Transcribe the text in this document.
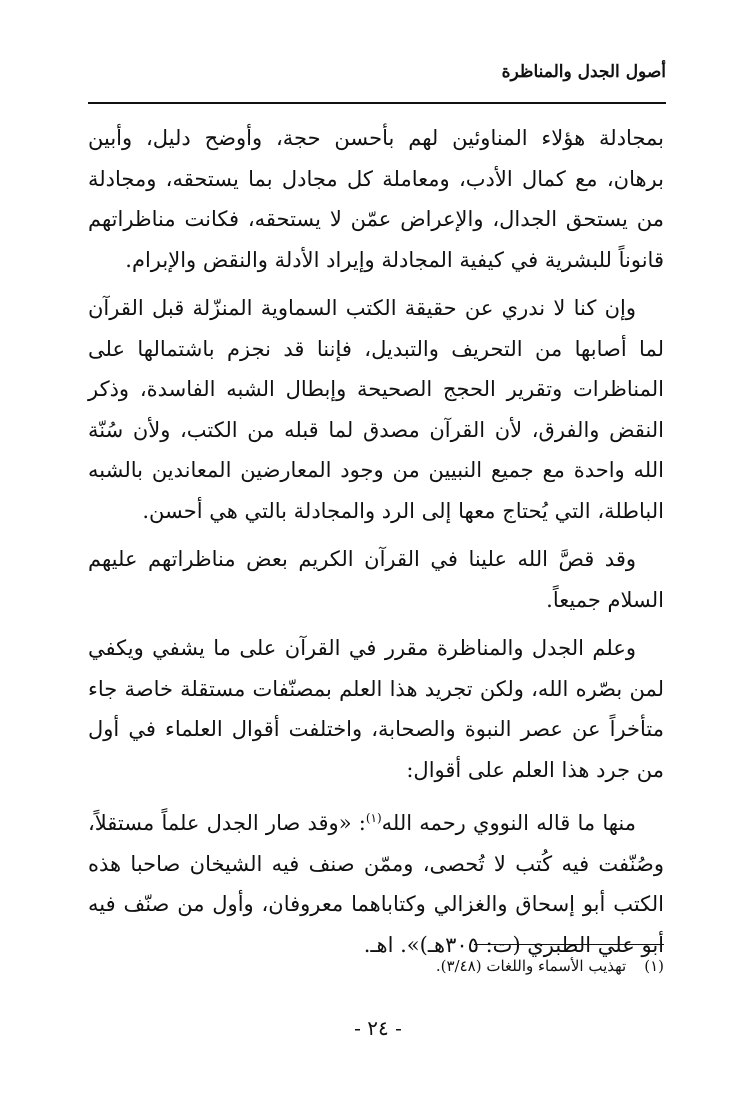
أصول الجدل والمناظرة

بمجادلة هؤلاء المناوئين لهم بأحسن حجة، وأوضح دليل، وأبين برهان، مع كمال الأدب، ومعاملة كل مجادل بما يستحقه، ومجادلة من يستحق الجدال، والإعراض عمّن لا يستحقه، فكانت مناظراتهم قانوناً للبشرية في كيفية المجادلة وإيراد الأدلة والنقض والإبرام.

وإن كنا لا ندري عن حقيقة الكتب السماوية المنزّلة قبل القرآن لما أصابها من التحريف والتبديل، فإننا قد نجزم باشتمالها على المناظرات وتقرير الحجج الصحيحة وإبطال الشبه الفاسدة، وذكر النقض والفرق، لأن القرآن مصدق لما قبله من الكتب، ولأن سُنّة الله واحدة مع جميع النبيين من وجود المعارضين المعاندين بالشبه الباطلة، التي يُحتاج معها إلى الرد والمجادلة بالتي هي أحسن.

وقد قصَّ الله علينا في القرآن الكريم بعض مناظراتهم عليهم السلام جميعاً.

وعلم الجدل والمناظرة مقرر في القرآن على ما يشفي ويكفي لمن بصّره الله، ولكن تجريد هذا العلم بمصنّفات مستقلة خاصة جاء متأخراً عن عصر النبوة والصحابة، واختلفت أقوال العلماء في أول من جرد هذا العلم على أقوال:

منها ما قاله النووي رحمه الله$^{(١)}$: «وقد صار الجدل علماً مستقلاً، وصُنّفت فيه كُتب لا تُحصى، وممّن صنف فيه الشيخان صاحبا هذه الكتب أبو إسحاق والغزالي وكتاباهما معروفان، وأول من صنّف فيه أبو علي الطبري (ت: ٣٠٥هـ)». اهـ.

(١)تهذيب الأسماء واللغات (٣/٤٨).
- ٢٤ -
